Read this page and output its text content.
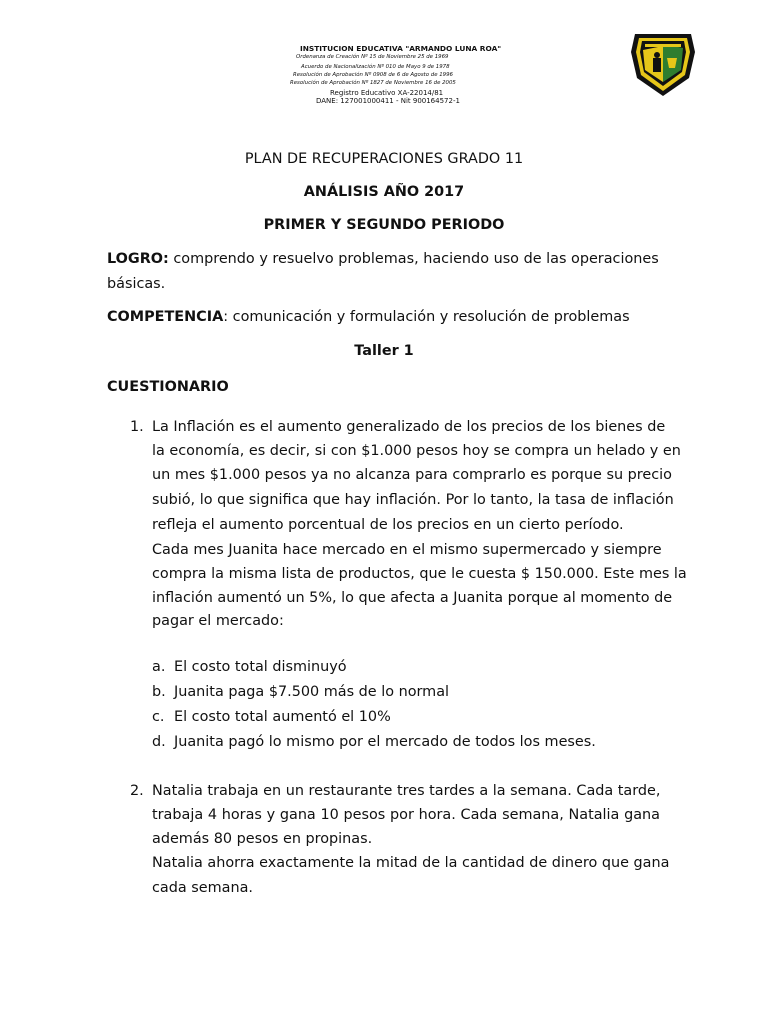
INSTITUCION EDUCATIVA "ARMANDO LUNA ROA"
Ordenanza de Creación Nº 15 de Noviembre 25 de 1969
Acuerdo de Nacionalización Nº 010 de Mayo 9 de 1978
Resolución de Aprobación Nº 0908 de 6 de Agosto de 1996
Resolución de Aprobación Nº 1827 de Noviembre 16 de 2005
Registro Educativo XA-22014/81
DANE: 127001000411 - Nit 900164572-1
PLAN DE RECUPERACIONES GRADO 11
ANÁLISIS AÑO 2017
PRIMER Y SEGUNDO PERIODO
LOGRO: comprendo y resuelvo problemas, haciendo uso de las operaciones
básicas.
COMPETENCIA: comunicación y formulación y resolución de problemas
Taller 1
CUESTIONARIO
1. La Inflación es el aumento generalizado de los precios de los bienes de
la economía, es decir, si con $1.000 pesos hoy se compra un helado y en
un mes $1.000 pesos ya no alcanza para comprarlo es porque su precio
subió, lo que significa que hay inflación. Por lo tanto, la tasa de inflación
refleja el aumento porcentual de los precios en un cierto período.
Cada mes Juanita hace mercado en el mismo supermercado y siempre
compra la misma lista de productos, que le cuesta $ 150.000. Este mes la
inflación aumentó un 5%, lo que afecta a Juanita porque al momento de
pagar el mercado:
a. El costo total disminuyó
b. Juanita paga $7.500 más de lo normal
c. El costo total aumentó el 10%
d. Juanita pagó lo mismo por el mercado de todos los meses.
2. Natalia trabaja en un restaurante tres tardes a la semana. Cada tarde,
trabaja 4 horas y gana 10 pesos por hora. Cada semana, Natalia gana
además 80 pesos en propinas.
Natalia ahorra exactamente la mitad de la cantidad de dinero que gana
cada semana.
